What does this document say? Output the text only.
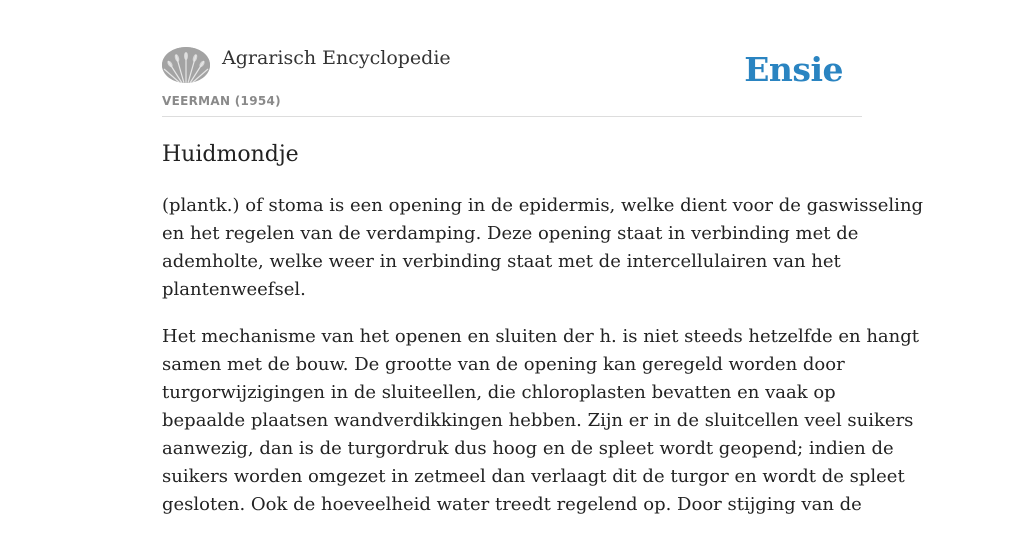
Agrarisch Encyclopedie
VEERMAN (1954)
Ensie
Huidmondje

(plantk.) of stoma is een opening in de epidermis, welke dient voor de gaswisseling
en het regelen van de verdamping. Deze opening staat in verbinding met de
ademholte, welke weer in verbinding staat met de intercellulairen van het
plantenweefsel.

Het mechanisme van het openen en sluiten der h. is niet steeds hetzelfde en hangt
samen met de bouw. De grootte van de opening kan geregeld worden door
turgorwijzigingen in de sluiteellen, die chloroplasten bevatten en vaak op
bepaalde plaatsen wandverdikkingen hebben. Zijn er in de sluitcellen veel suikers
aanwezig, dan is de turgordruk dus hoog en de spleet wordt geopend; indien de
suikers worden omgezet in zetmeel dan verlaagt dit de turgor en wordt de spleet
gesloten. Ook de hoeveelheid water treedt regelend op. Door stijging van de
